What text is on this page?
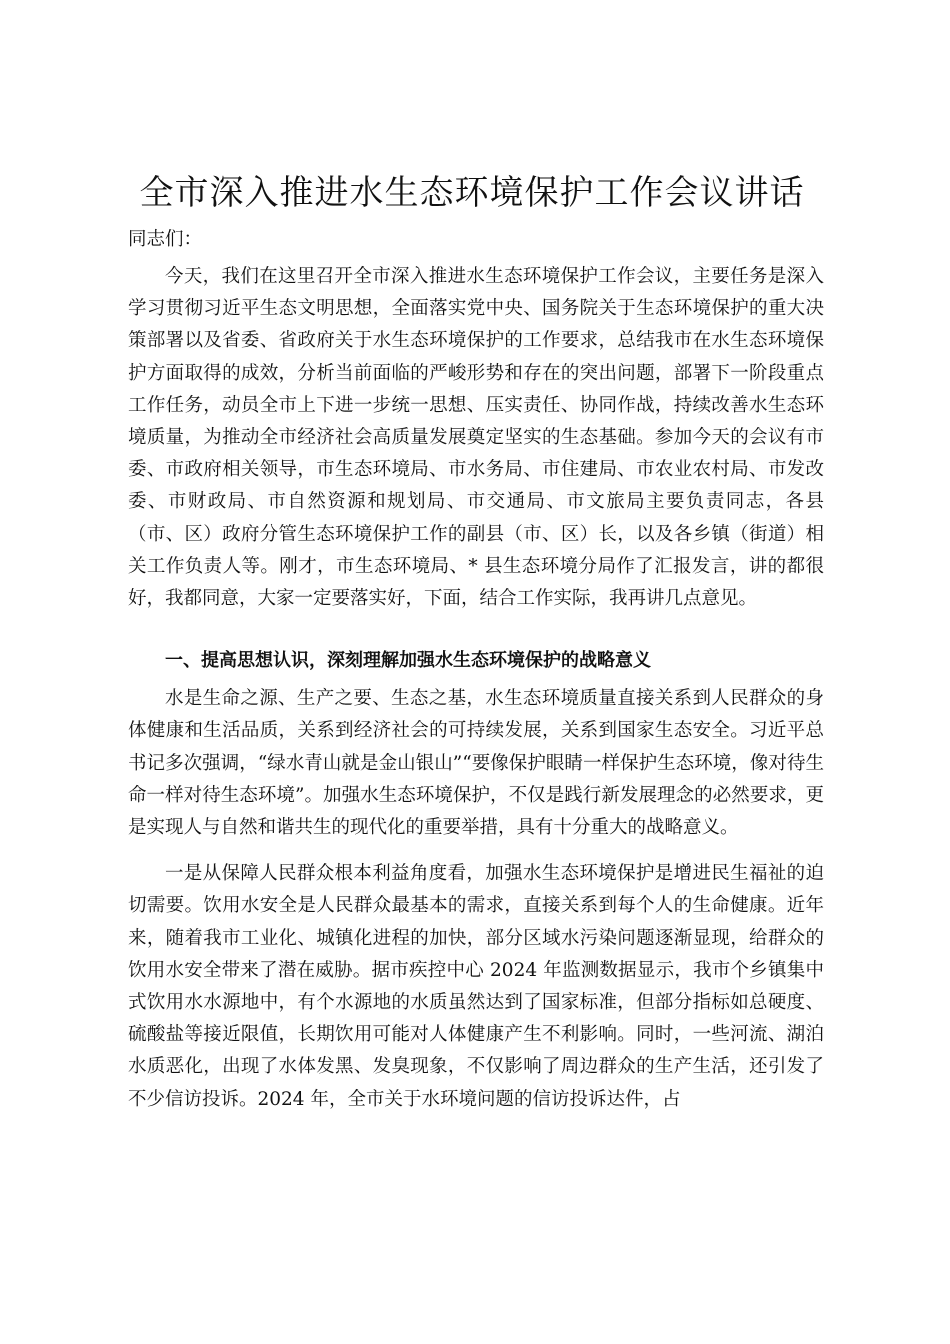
全市深入推进水生态环境保护工作会议讲话

同志们：

今天，我们在这里召开全市深入推进水生态环境保护工作会议，主要任务是深入学习贯彻习近平生态文明思想，全面落实党中央、国务院关于生态环境保护的重大决策部署以及省委、省政府关于水生态环境保护的工作要求，总结我市在水生态环境保护方面取得的成效，分析当前面临的严峻形势和存在的突出问题，部署下一阶段重点工作任务，动员全市上下进一步统一思想、压实责任、协同作战，持续改善水生态环境质量，为推动全市经济社会高质量发展奠定坚实的生态基础。参加今天的会议有市委、市政府相关领导，市生态环境局、市水务局、市住建局、市农业农村局、市发改委、市财政局、市自然资源和规划局、市交通局、市文旅局主要负责同志，各县（市、区）政府分管生态环境保护工作的副县（市、区）长，以及各乡镇（街道）相关工作负责人等。刚才，市生态环境局、* 县生态环境分局作了汇报发言，讲的都很好，我都同意，大家一定要落实好，下面，结合工作实际，我再讲几点意见。

一、提高思想认识，深刻理解加强水生态环境保护的战略意义

水是生命之源、生产之要、生态之基，水生态环境质量直接关系到人民群众的身体健康和生活品质，关系到经济社会的可持续发展，关系到国家生态安全。习近平总书记多次强调，“绿水青山就是金山银山”“要像保护眼睛一样保护生态环境，像对待生命一样对待生态环境”。加强水生态环境保护，不仅是践行新发展理念的必然要求，更是实现人与自然和谐共生的现代化的重要举措，具有十分重大的战略意义。

一是从保障人民群众根本利益角度看，加强水生态环境保护是增进民生福祉的迫切需要。饮用水安全是人民群众最基本的需求，直接关系到每个人的生命健康。近年来，随着我市工业化、城镇化进程的加快，部分区域水污染问题逐渐显现，给群众的饮用水安全带来了潜在威胁。据市疾控中心 2024 年监测数据显示，我市个乡镇集中式饮用水水源地中，有个水源地的水质虽然达到了国家标准，但部分指标如总硬度、硫酸盐等接近限值，长期饮用可能对人体健康产生不利影响。同时，一些河流、湖泊水质恶化，出现了水体发黑、发臭现象，不仅影响了周边群众的生产生活，还引发了不少信访投诉。2024 年，全市关于水环境问题的信访投诉达件，占
